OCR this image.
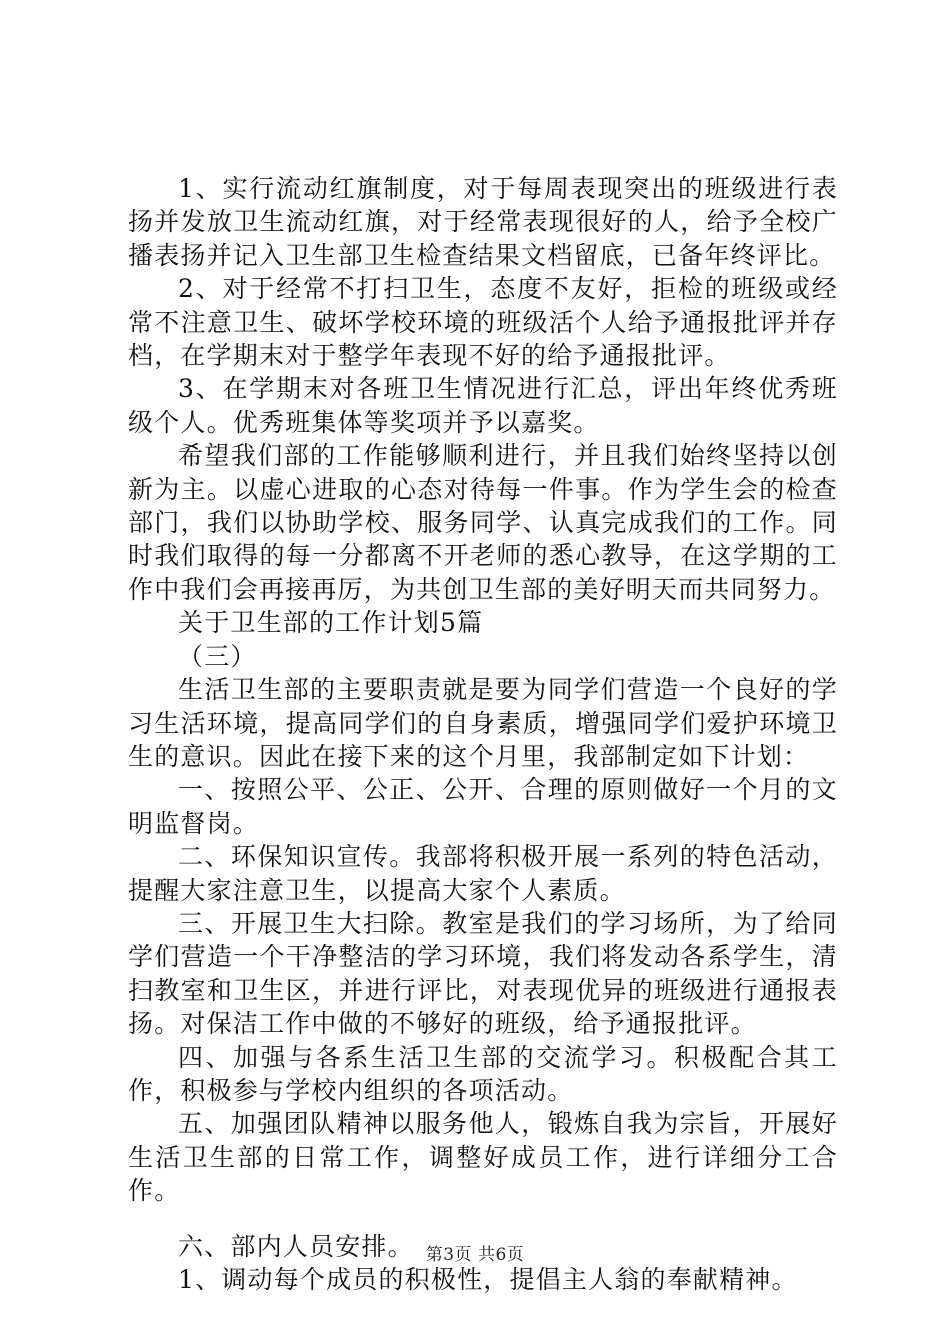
1、实行流动红旗制度，对于每周表现突出的班级进行表扬并发放卫生流动红旗，对于经常表现很好的人，给予全校广播表扬并记入卫生部卫生检查结果文档留底，已备年终评比。

2、对于经常不打扫卫生，态度不友好，拒检的班级或经常不注意卫生、破坏学校环境的班级活个人给予通报批评并存档，在学期末对于整学年表现不好的给予通报批评。

3、在学期末对各班卫生情况进行汇总，评出年终优秀班级个人。优秀班集体等奖项并予以嘉奖。

希望我们部的工作能够顺利进行，并且我们始终坚持以创新为主。以虚心进取的心态对待每一件事。作为学生会的检查部门，我们以协助学校、服务同学、认真完成我们的工作。同时我们取得的每一分都离不开老师的悉心教导，在这学期的工作中我们会再接再厉，为共创卫生部的美好明天而共同努力。

关于卫生部的工作计划5篇

（三）

生活卫生部的主要职责就是要为同学们营造一个良好的学习生活环境，提高同学们的自身素质，增强同学们爱护环境卫生的意识。因此在接下来的这个月里，我部制定如下计划：

一、按照公平、公正、公开、合理的原则做好一个月的文明监督岗。

二、环保知识宣传。我部将积极开展一系列的特色活动，提醒大家注意卫生，以提高大家个人素质。

三、开展卫生大扫除。教室是我们的学习场所，为了给同学们营造一个干净整洁的学习环境，我们将发动各系学生，清扫教室和卫生区，并进行评比，对表现优异的班级进行通报表扬。对保洁工作中做的不够好的班级，给予通报批评。

四、加强与各系生活卫生部的交流学习。积极配合其工作，积极参与学校内组织的各项活动。

五、加强团队精神以服务他人，锻炼自我为宗旨，开展好生活卫生部的日常工作，调整好成员工作，进行详细分工合作。

六、部内人员安排。

1、调动每个成员的积极性，提倡主人翁的奉献精神。

第3页 共6页
